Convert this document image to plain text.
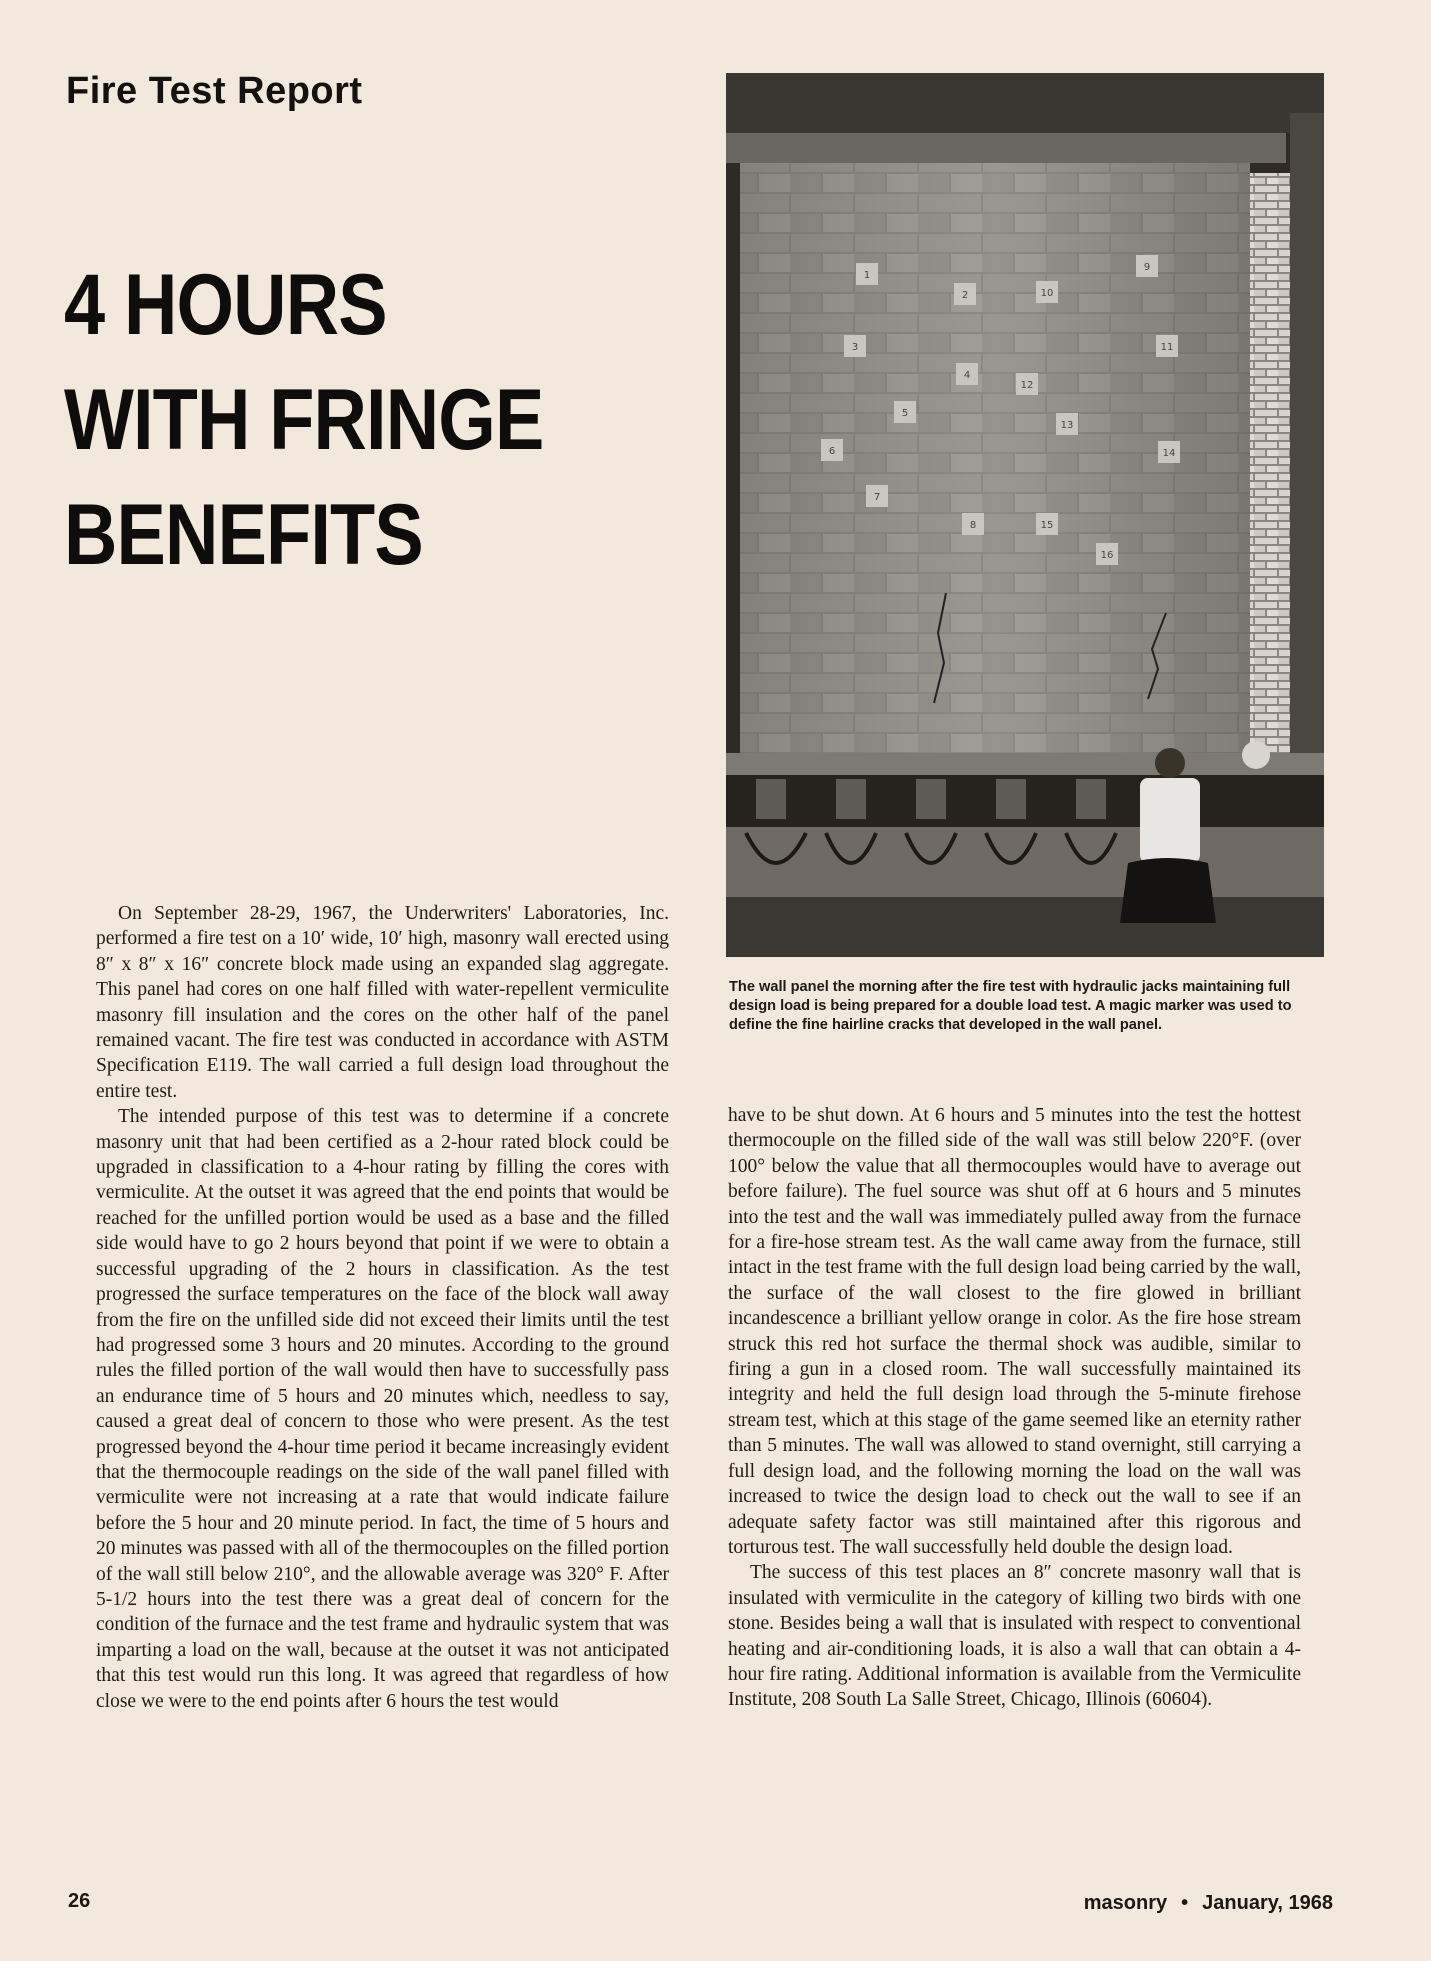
Fire Test Report
4 HOURS
WITH FRINGE
BENEFITS
1
2	10
9
3
4
12
11
5
13
6	14
7
8	15
16
The wall panel the morning after the fire test with hydraulic jacks maintaining full design load is being prepared for a double load test. A magic marker was used to define the fine hairline cracks that developed in the wall panel.

On September 28-29, 1967, the Underwriters' Laboratories, Inc. performed a fire test on a 10′ wide, 10′ high, masonry wall erected using 8″ x 8″ x 16″ concrete block made using an expanded slag aggregate. This panel had cores on one half filled with water-repellent vermiculite masonry fill insulation and the cores on the other half of the panel remained vacant. The fire test was conducted in accordance with ASTM Specification E119. The wall carried a full design load throughout the entire test.

The intended purpose of this test was to determine if a concrete masonry unit that had been certified as a 2-hour rated block could be upgraded in classification to a 4-hour rating by filling the cores with vermiculite. At the outset it was agreed that the end points that would be reached for the unfilled portion would be used as a base and the filled side would have to go 2 hours beyond that point if we were to obtain a successful upgrading of the 2 hours in classification. As the test progressed the surface temperatures on the face of the block wall away from the fire on the unfilled side did not exceed their limits until the test had progressed some 3 hours and 20 minutes. According to the ground rules the filled portion of the wall would then have to successfully pass an endurance time of 5 hours and 20 minutes which, needless to say, caused a great deal of concern to those who were present. As the test progressed beyond the 4-hour time period it became increasingly evident that the thermocouple readings on the side of the wall panel filled with vermiculite were not increasing at a rate that would indicate failure before the 5 hour and 20 minute period. In fact, the time of 5 hours and 20 minutes was passed with all of the thermocouples on the filled portion of the wall still below 210°, and the allowable average was 320° F. After 5-1/2 hours into the test there was a great deal of concern for the condition of the furnace and the test frame and hydraulic system that was imparting a load on the wall, because at the outset it was not anticipated that this test would run this long. It was agreed that regardless of how close we were to the end points after 6 hours the test would

have to be shut down. At 6 hours and 5 minutes into the test the hottest thermocouple on the filled side of the wall was still below 220°F. (over 100° below the value that all thermocouples would have to average out before failure). The fuel source was shut off at 6 hours and 5 minutes into the test and the wall was immediately pulled away from the furnace for a fire-hose stream test. As the wall came away from the furnace, still intact in the test frame with the full design load being carried by the wall, the surface of the wall closest to the fire glowed in brilliant incandescence a brilliant yellow orange in color. As the fire hose stream struck this red hot surface the thermal shock was audible, similar to firing a gun in a closed room. The wall successfully maintained its integrity and held the full design load through the 5-minute firehose stream test, which at this stage of the game seemed like an eternity rather than 5 minutes. The wall was allowed to stand overnight, still carrying a full design load, and the following morning the load on the wall was increased to twice the design load to check out the wall to see if an adequate safety factor was still maintained after this rigorous and torturous test. The wall successfully held double the design load.

The success of this test places an 8″ concrete masonry wall that is insulated with vermiculite in the category of killing two birds with one stone. Besides being a wall that is insulated with respect to conventional heating and air-conditioning loads, it is also a wall that can obtain a 4-hour fire rating. Additional information is available from the Vermiculite Institute, 208 South La Salle Street, Chicago, Illinois (60604).

26	masonry • January, 1968
